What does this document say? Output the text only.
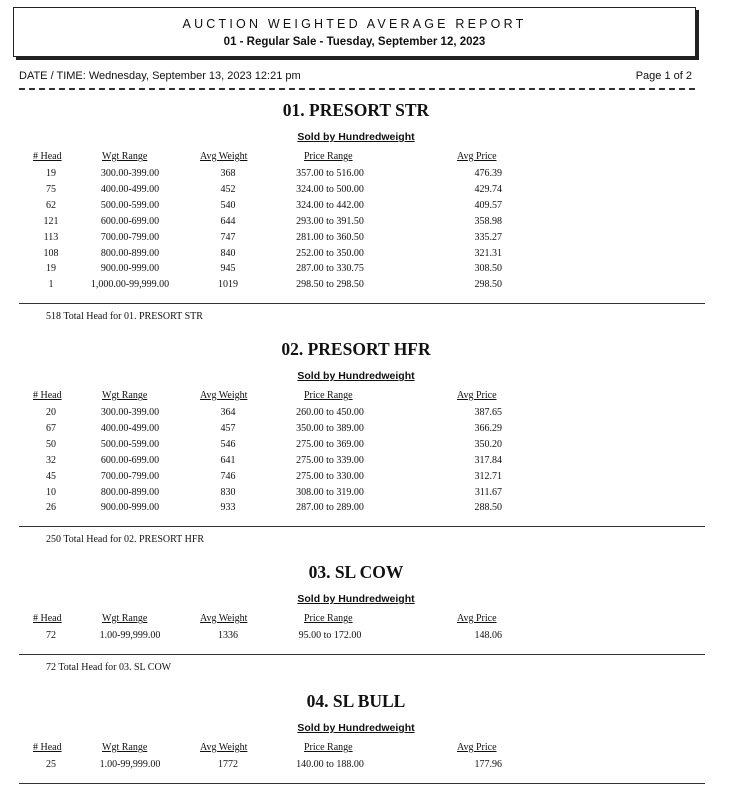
AUCTION WEIGHTED AVERAGE REPORT
01 - Regular Sale - Tuesday, September 12, 2023
DATE / TIME: Wednesday, September 13, 2023 12:21 pm	Page 1 of 2
01. PRESORT STR
Sold by Hundredweight
# Head	Wgt Range	Avg Weight	Price Range	Avg Price
19	300.00-399.00	368	357.00 to 516.00	476.39
75	400.00-499.00	452	324.00 to 500.00	429.74
62	500.00-599.00	540	324.00 to 442.00	409.57
121	600.00-699.00	644	293.00 to 391.50	358.98
113	700.00-799.00	747	281.00 to 360.50	335.27
108	800.00-899.00	840	252.00 to 350.00	321.31
19	900.00-999.00	945	287.00 to 330.75	308.50
1	1,000.00-99,999.00	1019	298.50 to 298.50	298.50
518 Total Head for 01. PRESORT STR
02. PRESORT HFR
Sold by Hundredweight
# Head	Wgt Range	Avg Weight	Price Range	Avg Price
20	300.00-399.00	364	260.00 to 450.00	387.65
67	400.00-499.00	457	350.00 to 389.00	366.29
50	500.00-599.00	546	275.00 to 369.00	350.20
32	600.00-699.00	641	275.00 to 339.00	317.84
45	700.00-799.00	746	275.00 to 330.00	312.71
10	800.00-899.00	830	308.00 to 319.00	311.67
26	900.00-999.00	933	287.00 to 289.00	288.50
250 Total Head for 02. PRESORT HFR
03. SL COW
Sold by Hundredweight
# Head	Wgt Range	Avg Weight	Price Range	Avg Price
72	1.00-99,999.00	1336	95.00 to 172.00	148.06
72 Total Head for 03. SL COW
04. SL BULL
Sold by Hundredweight
# Head	Wgt Range	Avg Weight	Price Range	Avg Price
25	1.00-99,999.00	1772	140.00 to 188.00	177.96
